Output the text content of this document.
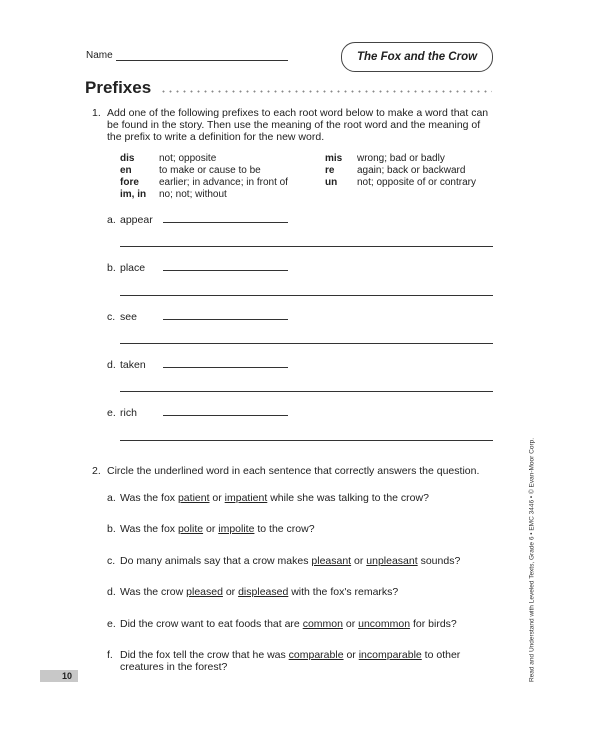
Name	The Fox and the Crow
Prefixes
1. Add one of the following prefixes to each root word below to make a word that can be found in the story. Then use the meaning of the root word and the meaning of the prefix to write a definition for the new word.
dis not; opposite
en	to make or cause to be
fore earlier; in advance; in front of
im, in no; not; without
mis wrong; bad or badly
re again; back or backward
un not; opposite of or contrary
a. appear
b. place
c. see
d. taken
e. rich
2. Circle the underlined word in each sentence that correctly answers the question.
a. Was the fox patient or impatient while she was talking to the crow?
b. Was the fox polite or impolite to the crow?
c. Do many animals say that a crow makes pleasant or unpleasant sounds?
d. Was the crow pleased or displeased with the fox's remarks?
e. Did the crow want to eat foods that are common or uncommon for birds?
f. Did the fox tell the crow that he was comparable or incomparable to other creatures in the forest?
10	Read and Understand with Leveled Texts, Grade 6 • EMC 3446 • © Evan-Moor Corp.
